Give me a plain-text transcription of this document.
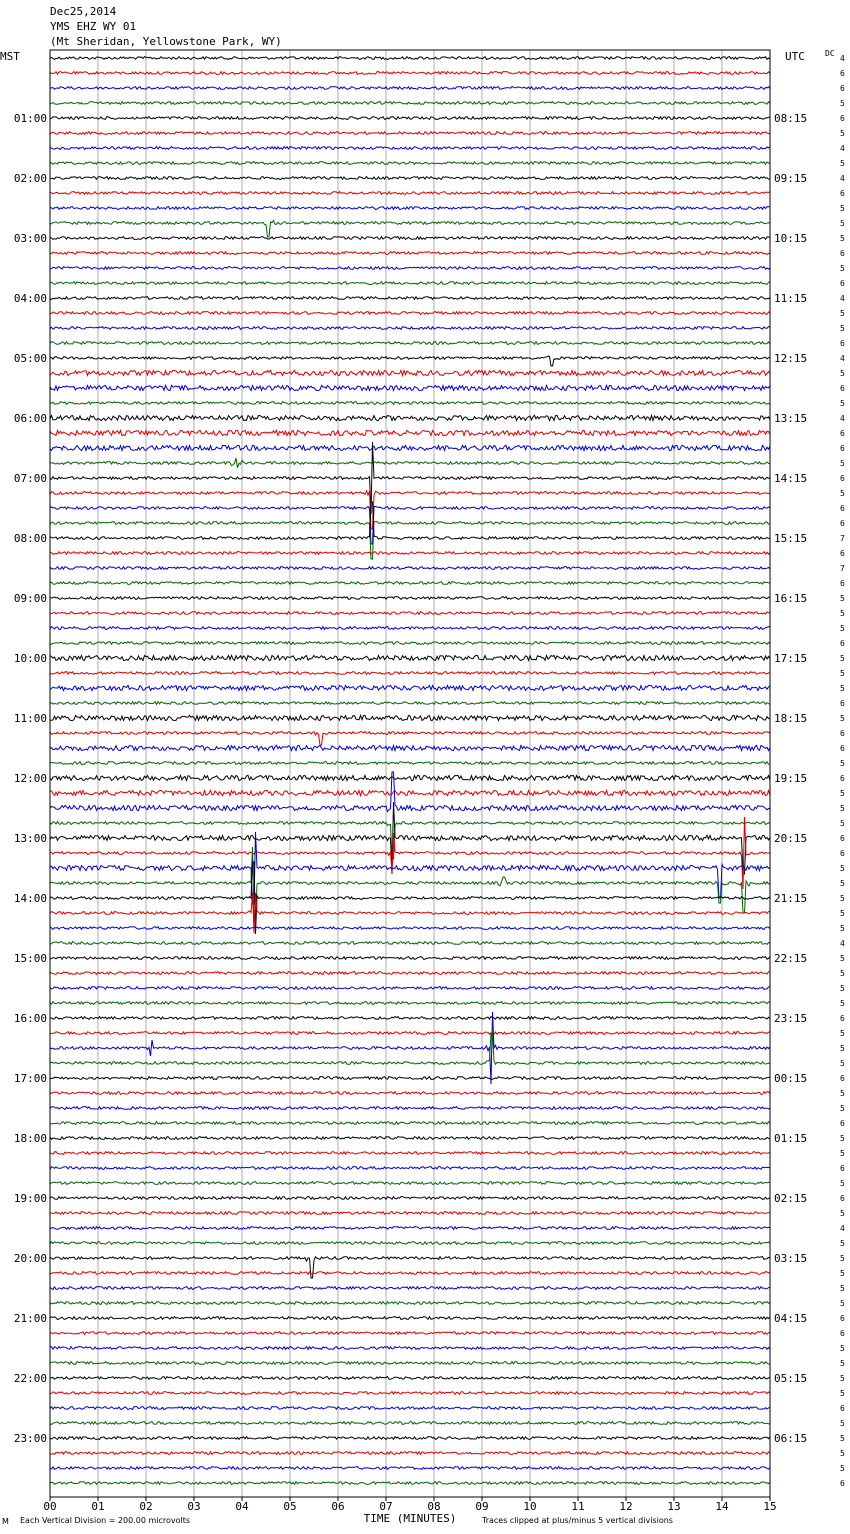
Dec25,2014
YMS EHZ WY 01
(Mt Sheridan, Yellowstone Park, WY)
MST	UTC	DC
01:00
02:00
03:00
04:00
05:00
06:00
07:00
08:00
09:00
10:00
11:00
12:00
13:00
14:00
15:00
16:00
17:00
18:00
19:00
20:00
21:00
22:00
23:00
08:15
09:15
10:15
11:15
12:15
13:15
14:15
15:15
16:15
17:15
18:15
19:15
20:15
21:15
22:15
23:15
00:15
01:15
02:15
03:15
04:15
05:15
06:15
4
6
6
5
6
5
4
5
4
6
5
5
5
6
5
6
4
5
5
6
4
5
6
5
4
6
6
5
6
5
6
6
7
6
7
6
5
5
5
6
5
5
5
6
5
6
6
5
6
5
5
5
6
6
5
5
5
5
5
4
5
5
5
5
6
5
5
5
6
5
5
6
5
5
6
5
6
5
4
5
5
5
5
5
6
6
5
5
5
5
6
5
5
5
5
6
00	01	02	03	04	05	06	07	08	09	10	11	12	13	14	15
TIME (MINUTES)
M Each Vertical Division = 200.00 microvolts	Traces clipped at plus/minus 5 vertical divisions
